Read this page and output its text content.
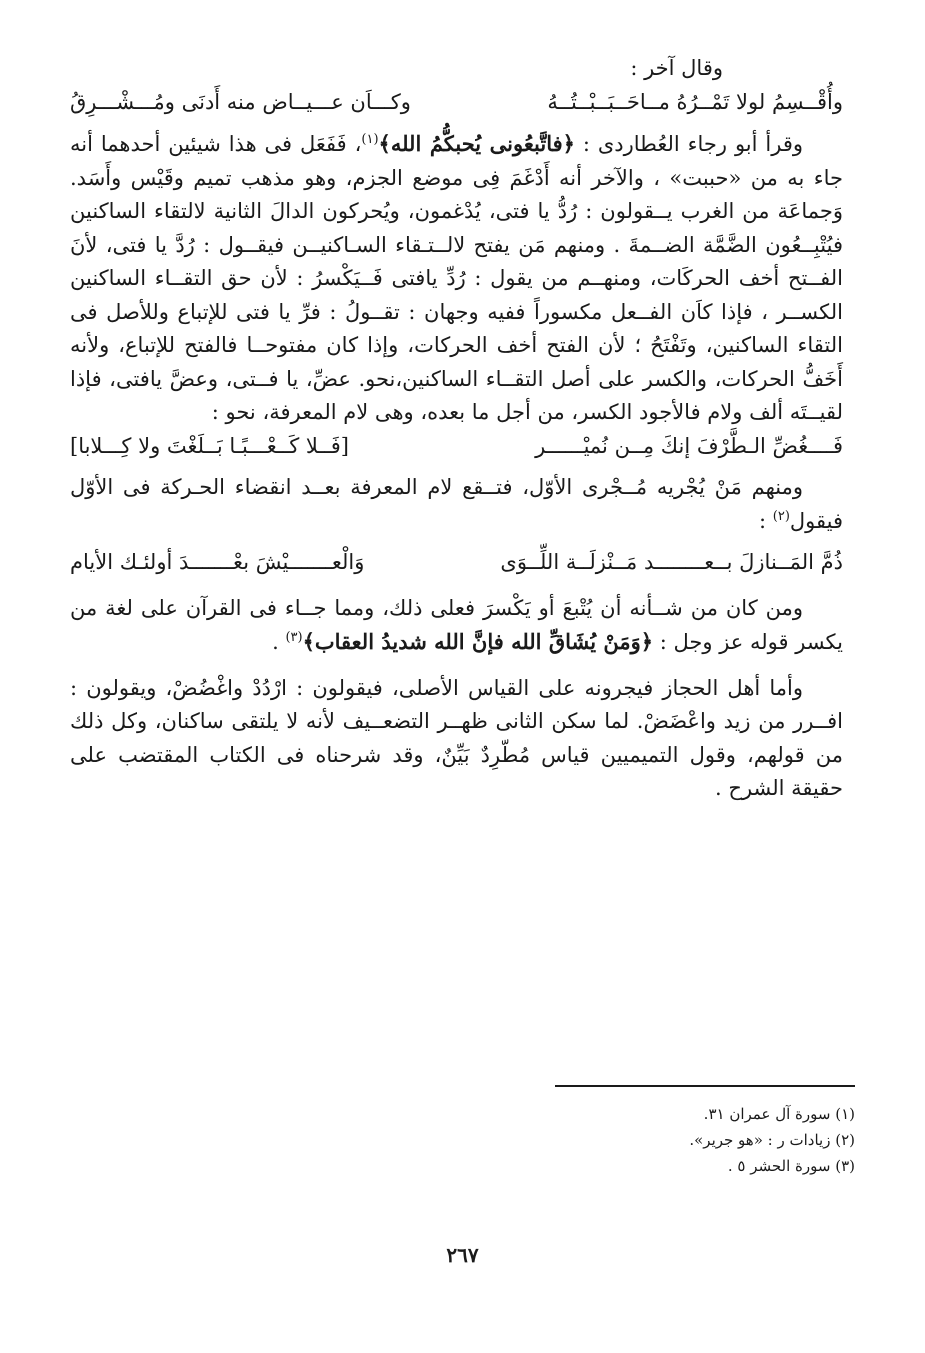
وقال آخر :
وأُقْــسِمُ لولا تَمْــرُهُ مــاحَــبَــبْــتُــهُ
وكـــاَن عـــيــاض منه أَدنَى ومُـــشْـــرِقُ
وقرأ أبو رجاء العُطاردى : ﴿فاتَّبعُونى يُحبكُّمُ الله﴾$^{(١)}$، فَفَعَل فى هذا شيئين أحدهما أنه جاء به من «حببت» ، والآخر أنه أَدْغَمَ فِى موضع الجزم، وهو مذهب تميم وقَيْس وأَسَد. وَجماعَة من الغرب يــقولون : رُدُّ يا فتى، يُدْغمون، ويُحركون الدالَ الثانية لالتقاء الساكنين فيُتْبِــعُون الضَّمَّة الضــمةَ . ومنهم مَن يفتح لالــتـقاء السـاكنيــن فيقــول : رُدَّ يا فتى، لأنَ الفــتح أخف الحركَات، ومنهــم من يقول : رُدِّ يافتى فَــيَكْسرُ : لأن حق التقــاء الساكنين الكســر ، فإذا كاَن الفــعل مكسوراً ففيه وجهان : تقــولُ : فرِّ يا فتى للإتباع وللأصل فى التقاء الساكنين، وتَفْتَحُ ؛ لأن الفتح أخف الحركات، وإذا كان مفتوحــا فالفتح للإتباع، ولأنه أَخَفُّ الحركات، والكسر على أصل التقــاء الساكنين،نحو. عضِّ، يا فــتى، وعضَّ يافتى، فإذا لقيــتَه ألف ولام فالأجود الكسر، من أجل ما بعده، وهى لام المعرفة، نحو :
فَــــغُضِّ الـطَّرْفَ إنكَ مِــن نُميْــــــر
[فَــلا كَــعْـــبًـا بَــلَغْتَ ولا كِـــلابا]
ومنهم مَنْ يُجْريه مُــجْرى الأوّل، فتــقع لام المعرفة بعــد انقضاء الحـركة فى الأوّل فيقول$^{(٢)}$ :
ذُمَّ المَــنازلَ بــعــــــــد مَــنْزلَــة اللِّــوَى
وَالْعـــــــيْشَ بعْـــــــدَ أولئـك الأيام
ومن كان من شــأنه أن يُتْبعَ أو يَكْسرَ فعلى ذلك، ومما جــاء فى القرآن على لغة من يكسر قوله عز وجل : ﴿وَمَنْ يُشَاقِّ الله فإنَّ الله شديدُ العقاب﴾$^{(٣)}$ .
وأما أهل الحجاز فيجرونه على القياس الأصلى، فيقولون : ارْدُدْ واغْضُضْ، ويقولون : افــرر من زيد واعْضَضْ. لما سكن الثانى ظهــر التضعــيف لأنه لا يلتقى ساكنان، وكل ذلك من قولهم، وقول التميميين قياس مُطّرِدٌ بَيِّنٌ، وقد شرحناه فى الكتاب المقتضب على حقيقة الشرح .
(١) سورة آل عمران ٣١.
(٢) زيادات ر : «هو جرير».
(٣) سورة الحشر ٥ .
٢٦٧
